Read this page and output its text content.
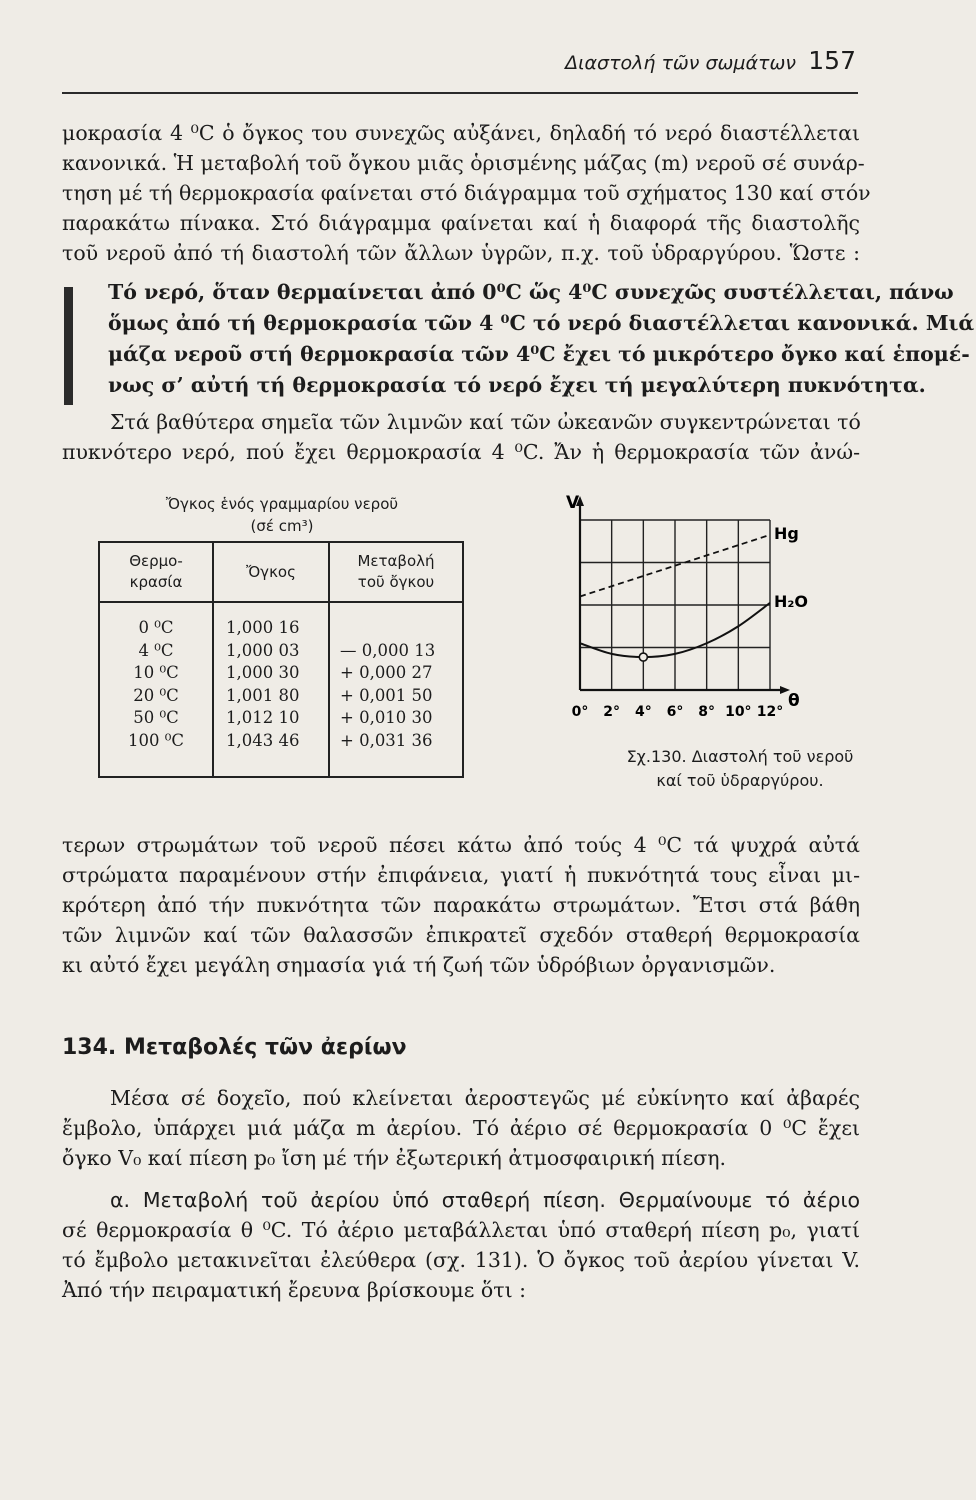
Διαστολή τῶν σωμάτων 157
μοκρασία 4 ⁰C ὁ ὄγκος του συνεχῶς αὐξάνει, δηλαδή τό νερό διαστέλλεται
κανονικά. Ἡ μεταβολή τοῦ ὄγκου μιᾶς ὁρισμένης μάζας (m) νεροῦ σέ συνάρ-
τηση μέ τή θερμοκρασία φαίνεται στό διάγραμμα τοῦ σχήματος 130 καί στόν
παρακάτω πίνακα. Στό διάγραμμα φαίνεται καί ἡ διαφορά τῆς διαστολῆς
τοῦ νεροῦ ἀπό τή διαστολή τῶν ἄλλων ὑγρῶν, π.χ. τοῦ ὑδραργύρου. Ὥστε :
Τό νερό, ὅταν θερμαίνεται ἀπό 0⁰C ὥς 4⁰C συνεχῶς συστέλλεται, πάνω
ὅμως ἀπό τή θερμοκρασία τῶν 4 ⁰C τό νερό διαστέλλεται κανονικά. Μιά
μάζα νεροῦ στή θερμοκρασία τῶν 4⁰C ἔχει τό μικρότερο ὄγκο καί ἑπομέ-
νως σ’ αὐτή τή θερμοκρασία τό νερό ἔχει τή μεγαλύτερη πυκνότητα.
Στά βαθύτερα σημεῖα τῶν λιμνῶν καί τῶν ὠκεανῶν συγκεντρώνεται τό
πυκνότερο νερό, πού ἔχει θερμοκρασία 4 ⁰C. Ἄν ἡ θερμοκρασία τῶν ἀνώ-
Ὄγκος ἑνός γραμμαρίου νεροῦ
(σέ cm³)
Θερμο-
κρασία	Ὄγκος	Μεταβολή
τοῦ ὄγκου
0 ⁰C	1,000 16	
4 ⁰C	1,000 03	— 0,000 13
10 ⁰C	1,000 30	+ 0,000 27
20 ⁰C	1,001 80	+ 0,001 50
50 ⁰C	1,012 10	+ 0,010 30
100 ⁰C	1,043 46	+ 0,031 36
V
θ
0° 2° 4° 6° 8° 10° 12°
Hg
H₂O
Σχ.130. Διαστολή τοῦ νεροῦ
καί τοῦ ὑδραργύρου.
τερων στρωμάτων τοῦ νεροῦ πέσει κάτω ἀπό τούς 4 ⁰C τά ψυχρά αὐτά
στρώματα παραμένουν στήν ἐπιφάνεια, γιατί ἡ πυκνότητά τους εἶναι μι-
κρότερη ἀπό τήν πυκνότητα τῶν παρακάτω στρωμάτων. Ἔτσι στά βάθη
τῶν λιμνῶν καί τῶν θαλασσῶν ἐπικρατεῖ σχεδόν σταθερή θερμοκρασία
κι αὐτό ἔχει μεγάλη σημασία γιά τή ζωή τῶν ὑδρόβιων ὀργανισμῶν.
134. Μεταβολές τῶν ἀερίων
Μέσα σέ δοχεῖο, πού κλείνεται ἀεροστεγῶς μέ εὐκίνητο καί ἀβαρές
ἔμβολο, ὑπάρχει μιά μάζα m ἀερίου. Τό ἀέριο σέ θερμοκρασία 0 ⁰C ἔχει
ὄγκο V₀ καί πίεση p₀ ἴση μέ τήν ἐξωτερική ἀτμοσφαιρική πίεση.
α. Μεταβολή τοῦ ἀερίου ὑπό σταθερή πίεση. Θερμαίνουμε τό ἀέριο
σέ θερμοκρασία θ ⁰C. Τό ἀέριο μεταβάλλεται ὑπό σταθερή πίεση p₀, γιατί
τό ἔμβολο μετακινεῖται ἐλεύθερα (σχ. 131). Ὁ ὄγκος τοῦ ἀερίου γίνεται V.
Ἀπό τήν πειραματική ἔρευνα βρίσκουμε ὅτι :
